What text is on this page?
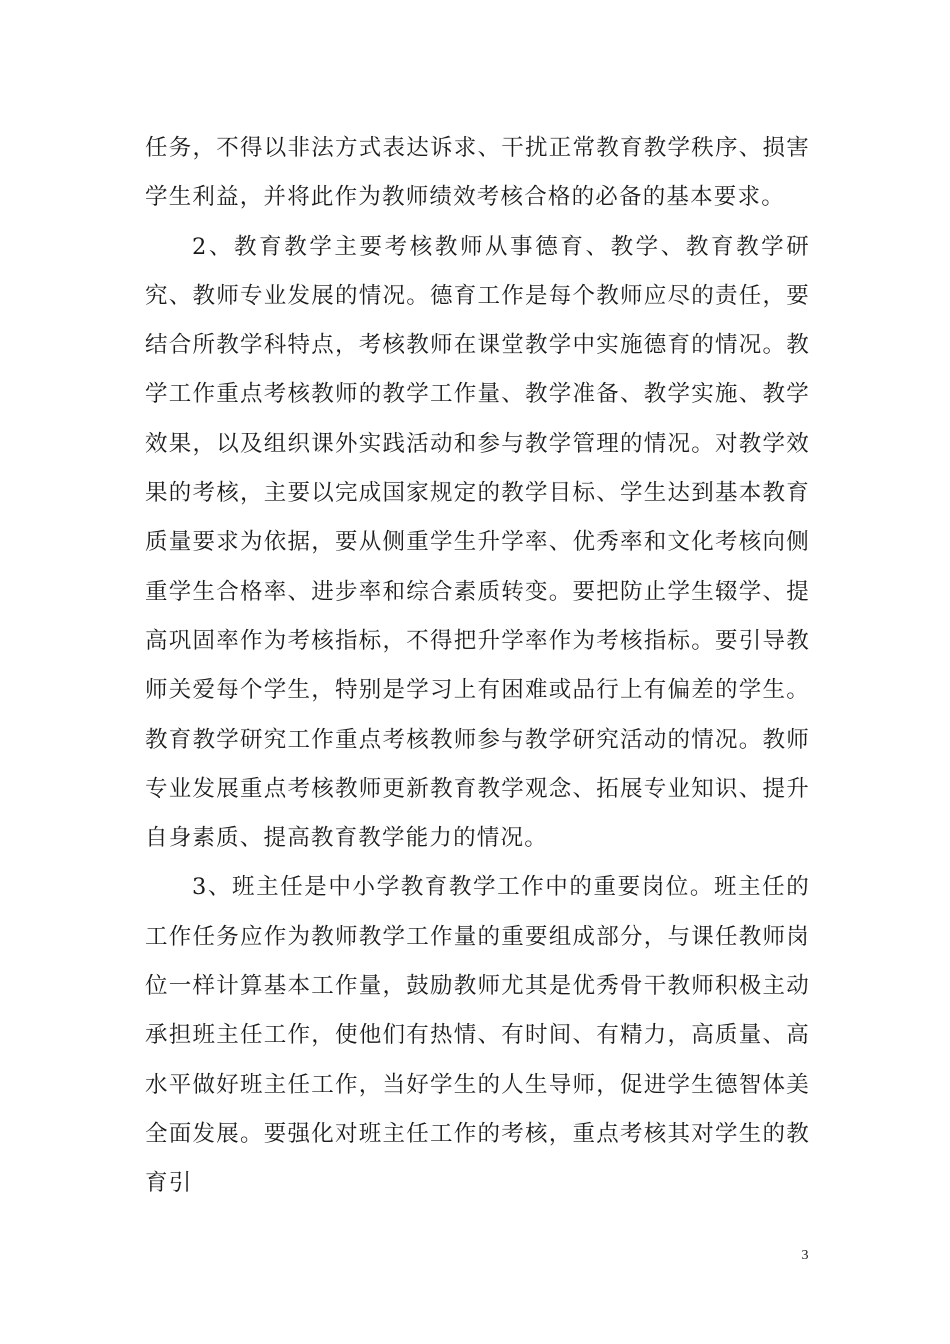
任务，不得以非法方式表达诉求、干扰正常教育教学秩序、损害学生利益，并将此作为教师绩效考核合格的必备的基本要求。

2、教育教学主要考核教师从事德育、教学、教育教学研究、教师专业发展的情况。德育工作是每个教师应尽的责任，要结合所教学科特点，考核教师在课堂教学中实施德育的情况。教学工作重点考核教师的教学工作量、教学准备、教学实施、教学效果，以及组织课外实践活动和参与教学管理的情况。对教学效果的考核，主要以完成国家规定的教学目标、学生达到基本教育质量要求为依据，要从侧重学生升学率、优秀率和文化考核向侧重学生合格率、进步率和综合素质转变。要把防止学生辍学、提高巩固率作为考核指标，不得把升学率作为考核指标。要引导教师关爱每个学生，特别是学习上有困难或品行上有偏差的学生。教育教学研究工作重点考核教师参与教学研究活动的情况。教师专业发展重点考核教师更新教育教学观念、拓展专业知识、提升自身素质、提高教育教学能力的情况。

3、班主任是中小学教育教学工作中的重要岗位。班主任的工作任务应作为教师教学工作量的重要组成部分，与课任教师岗位一样计算基本工作量，鼓励教师尤其是优秀骨干教师积极主动承担班主任工作，使他们有热情、有时间、有精力，高质量、高水平做好班主任工作，当好学生的人生导师，促进学生德智体美全面发展。要强化对班主任工作的考核，重点考核其对学生的教育引

3
